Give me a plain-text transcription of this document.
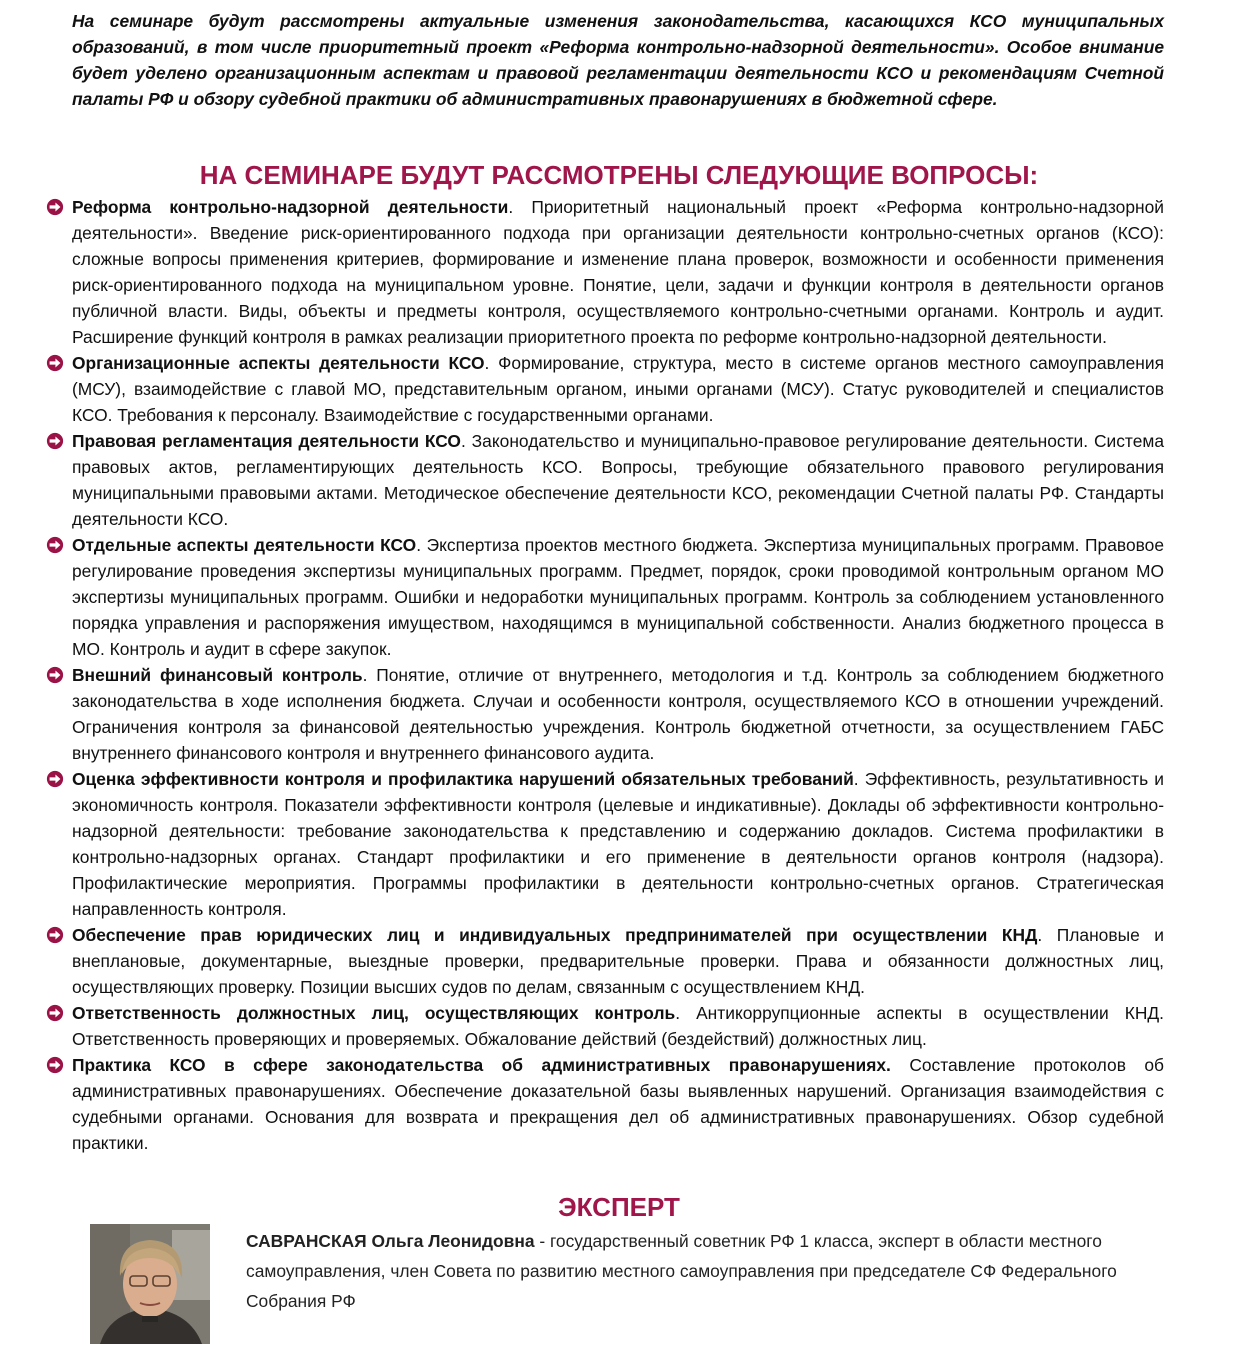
На семинаре будут рассмотрены актуальные изменения законодательства, касающихся КСО муниципальных образований, в том числе приоритетный проект «Реформа контрольно-надзорной деятельности». Особое внимание будет уделено организационным аспектам и правовой регламентации деятельности КСО и рекомендациям Счетной палаты РФ и обзору судебной практики об административных правонарушениях в бюджетной сфере.

НА СЕМИНАРЕ БУДУТ РАССМОТРЕНЫ СЛЕДУЮЩИЕ ВОПРОСЫ:
Реформа контрольно-надзорной деятельности. Приоритетный национальный проект «Реформа контрольно-надзорной деятельности». Введение риск-ориентированного подхода при организации деятельности контрольно-счетных органов (КСО): сложные вопросы применения критериев, формирование и изменение плана проверок, возможности и особенности применения риск-ориентированного подхода на муниципальном уровне. Понятие, цели, задачи и функции контроля в деятельности органов публичной власти. Виды, объекты и предметы контроля, осуществляемого контрольно-счетными органами. Контроль и аудит. Расширение функций контроля в рамках реализации приоритетного проекта по реформе контрольно-надзорной деятельности.
Организационные аспекты деятельности КСО. Формирование, структура, место в системе органов местного самоуправления (МСУ), взаимодействие с главой МО, представительным органом, иными органами (МСУ). Статус руководителей и специалистов КСО. Требования к персоналу. Взаимодействие с государственными органами.
Правовая регламентация деятельности КСО. Законодательство и муниципально-правовое регулирование деятельности. Система правовых актов, регламентирующих деятельность КСО. Вопросы, требующие обязательного правового регулирования муниципальными правовыми актами. Методическое обеспечение деятельности КСО, рекомендации Счетной палаты РФ. Стандарты деятельности КСО.
Отдельные аспекты деятельности КСО. Экспертиза проектов местного бюджета. Экспертиза муниципальных программ. Правовое регулирование проведения экспертизы муниципальных программ. Предмет, порядок, сроки проводимой контрольным органом МО экспертизы муниципальных программ. Ошибки и недоработки муниципальных программ. Контроль за соблюдением установленного порядка управления и распоряжения имуществом, находящимся в муниципальной собственности. Анализ бюджетного процесса в МО. Контроль и аудит в сфере закупок.
Внешний финансовый контроль. Понятие, отличие от внутреннего, методология и т.д. Контроль за соблюдением бюджетного законодательства в ходе исполнения бюджета. Случаи и особенности контроля, осуществляемого КСО в отношении учреждений. Ограничения контроля за финансовой деятельностью учреждения. Контроль бюджетной отчетности, за осуществлением ГАБС внутреннего финансового контроля и внутреннего финансового аудита.
Оценка эффективности контроля и профилактика нарушений обязательных требований. Эффективность, результативность и экономичность контроля. Показатели эффективности контроля (целевые и индикативные). Доклады об эффективности контрольно-надзорной деятельности: требование законодательства к представлению и содержанию докладов. Система профилактики в контрольно-надзорных органах. Стандарт профилактики и его применение в деятельности органов контроля (надзора). Профилактические мероприятия. Программы профилактики в деятельности контрольно-счетных органов. Стратегическая направленность контроля.
Обеспечение прав юридических лиц и индивидуальных предпринимателей при осуществлении КНД. Плановые и внеплановые, документарные, выездные проверки, предварительные проверки. Права и обязанности должностных лиц, осуществляющих проверку. Позиции высших судов по делам, связанным с осуществлением КНД.
Ответственность должностных лиц, осуществляющих контроль. Антикоррупционные аспекты в осуществлении КНД. Ответственность проверяющих и проверяемых. Обжалование действий (бездействий) должностных лиц.
Практика КСО в сфере законодательства об административных правонарушениях. Составление протоколов об административных правонарушениях. Обеспечение доказательной базы выявленных нарушений. Организация взаимодействия с судебными органами. Основания для возврата и прекращения дел об административных правонарушениях. Обзор судебной практики.
ЭКСПЕРТ

САВРАНСКАЯ Ольга Леонидовна - государственный советник РФ 1 класса, эксперт в области местного самоуправления, член Совета по развитию местного самоуправления при председателе СФ Федерального Собрания РФ
